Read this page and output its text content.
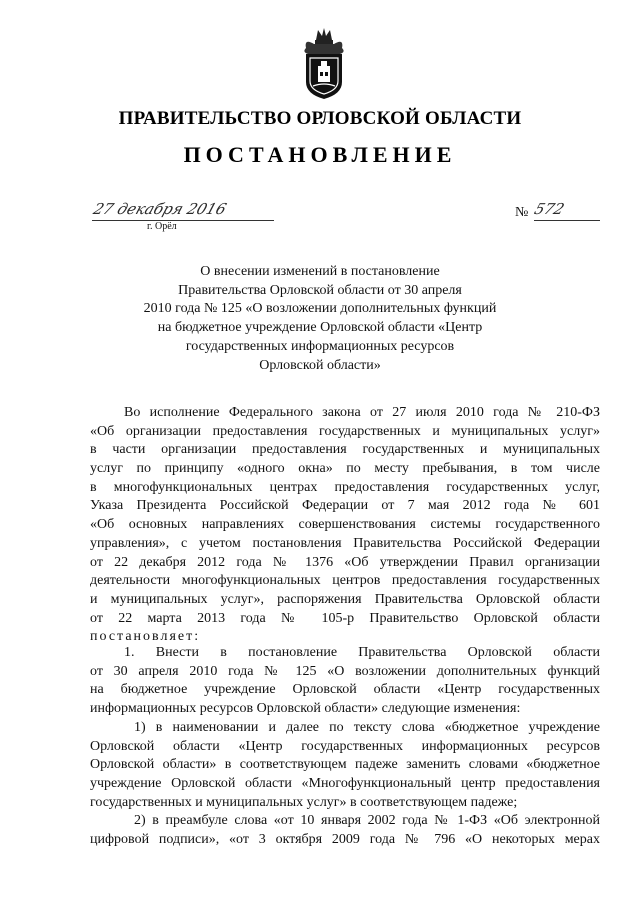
ПРАВИТЕЛЬСТВО ОРЛОВСКОЙ ОБЛАСТИ
ПОСТАНОВЛЕНИЕ
27 декабря 2016
г. Орёл
№ 572
О внесении изменений в постановление
Правительства Орловской области от 30 апреля
2010 года № 125 «О возложении дополнительных функций
на бюджетное учреждение Орловской области «Центр
государственных информационных ресурсов
Орловской области»
Во исполнение Федерального закона от 27 июля 2010 года № 210-ФЗ
«Об организации предоставления государственных и муниципальных услуг»
в части организации предоставления государственных и муниципальных
услуг по принципу «одного окна» по месту пребывания, в том числе
в многофункциональных центрах предоставления государственных услуг,
Указа Президента Российской Федерации от 7 мая 2012 года № 601
«Об основных направлениях совершенствования системы государственного
управления», с учетом постановления Правительства Российской Федерации
от 22 декабря 2012 года № 1376 «Об утверждении Правил организации
деятельности многофункциональных центров предоставления государственных
и муниципальных услуг», распоряжения Правительства Орловской области
от 22 марта 2013 года № 105-р Правительство Орловской области
постановляет:
1. Внести в постановление Правительства Орловской области
от 30 апреля 2010 года № 125 «О возложении дополнительных функций
на бюджетное учреждение Орловской области «Центр государственных
информационных ресурсов Орловской области» следующие изменения:
1) в наименовании и далее по тексту слова «бюджетное учреждение
Орловской области «Центр государственных информационных ресурсов
Орловской области» в соответствующем падеже заменить словами «бюджетное
учреждение Орловской области «Многофункциональный центр предоставления
государственных и муниципальных услуг» в соответствующем падеже;
2) в преамбуле слова «от 10 января 2002 года № 1-ФЗ «Об электронной
цифровой подписи», «от 3 октября 2009 года № 796 «О некоторых мерах
